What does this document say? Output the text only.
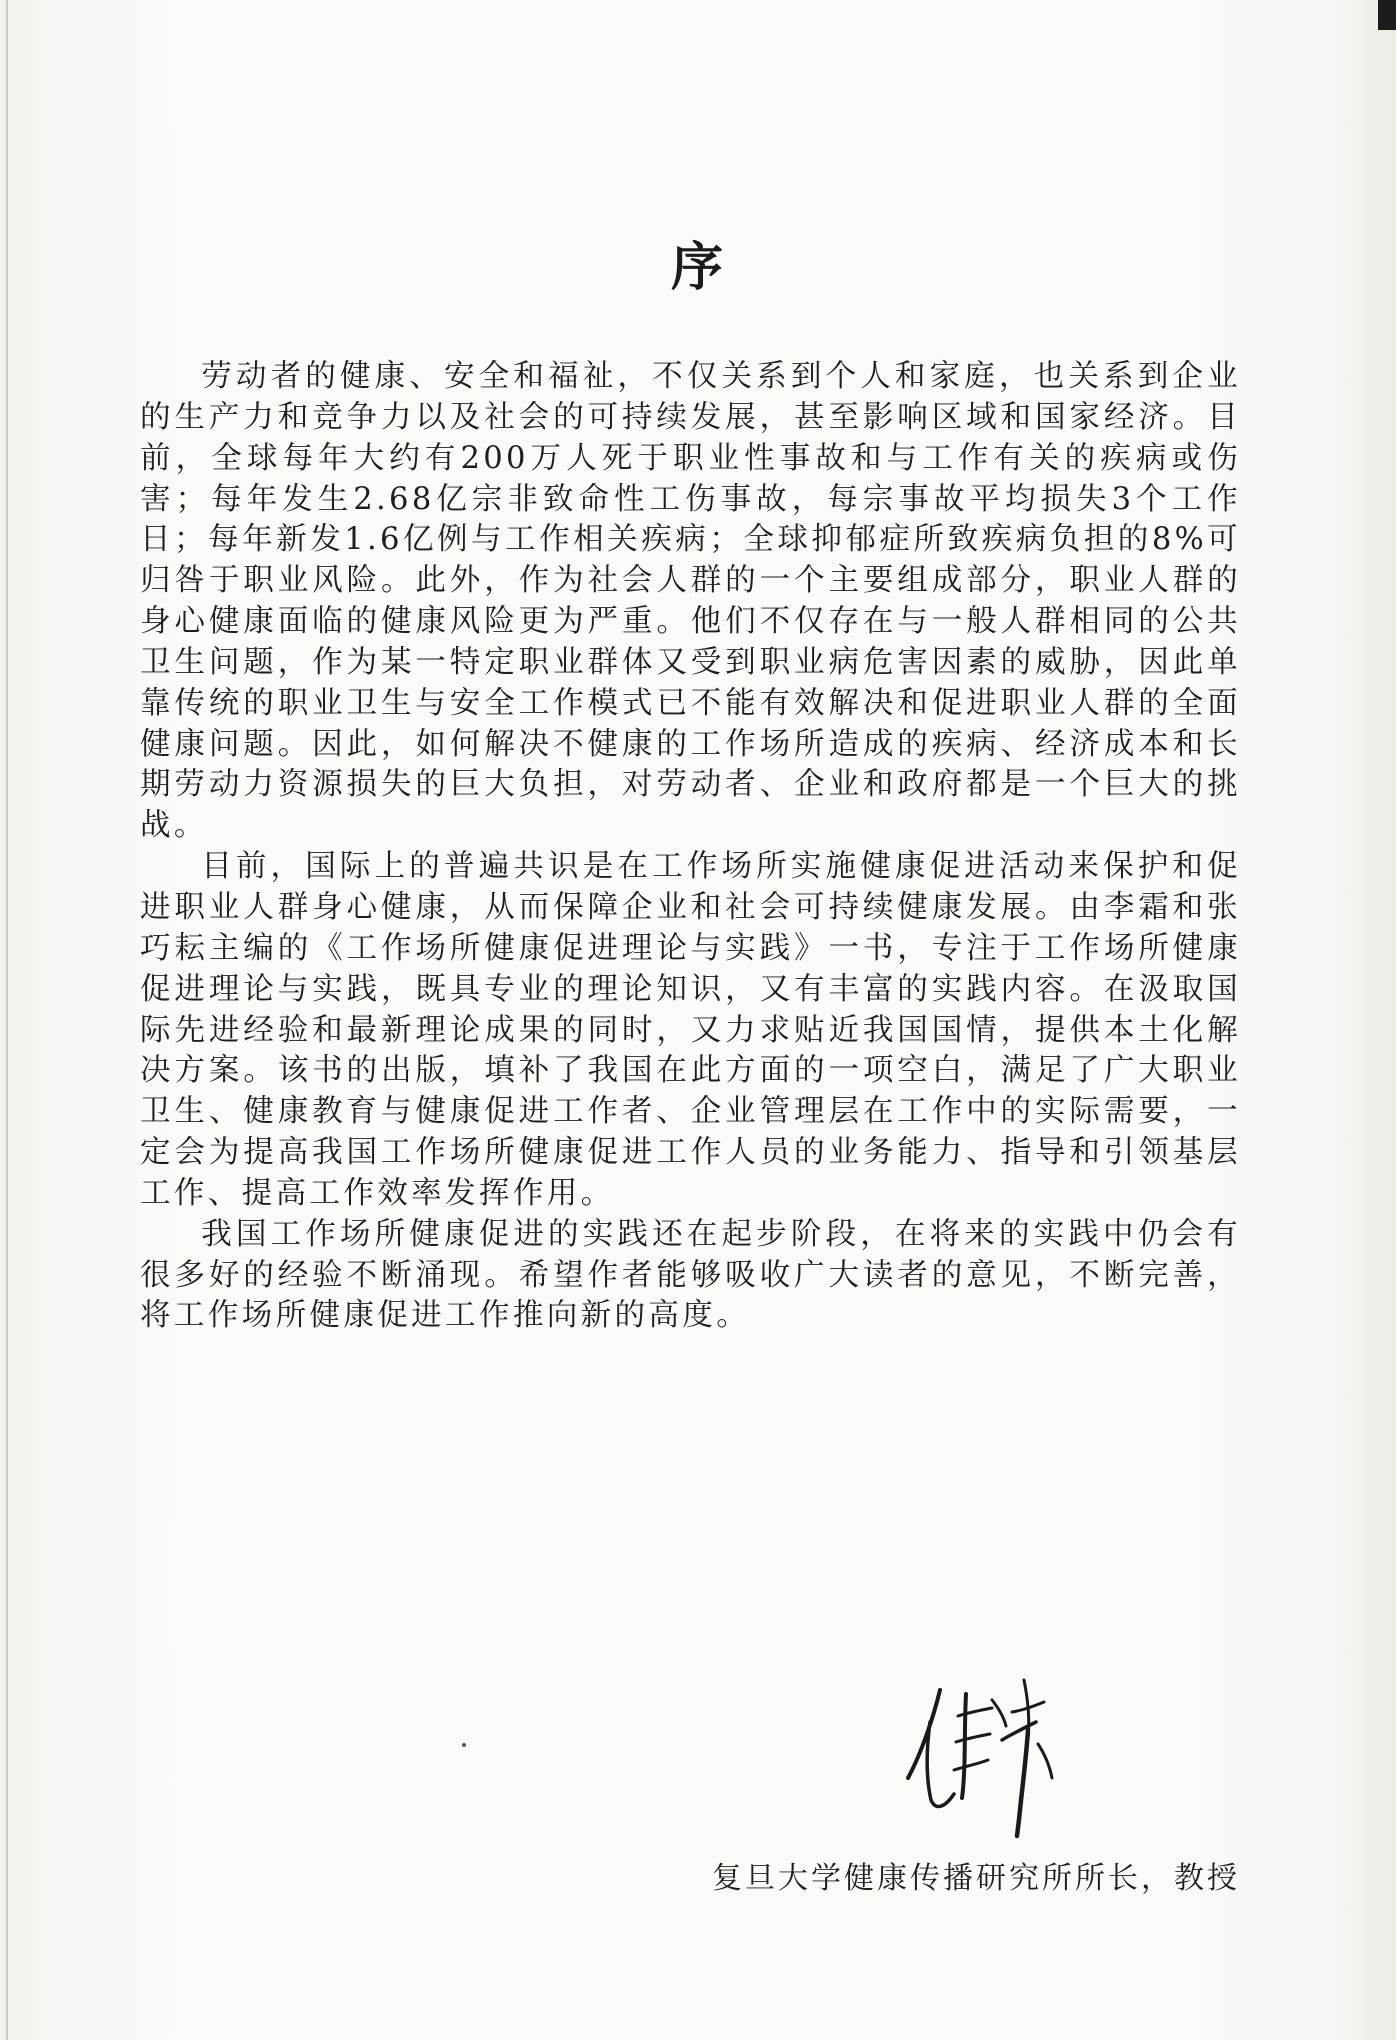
序

劳动者的健康、安全和福祉，不仅关系到个人和家庭，也关系到企业的生产力和竞争力以及社会的可持续发展，甚至影响区域和国家经济。目前，全球每年大约有200万人死于职业性事故和与工作有关的疾病或伤害；每年发生2.68亿宗非致命性工伤事故，每宗事故平均损失3个工作日；每年新发1.6亿例与工作相关疾病；全球抑郁症所致疾病负担的8%可归咎于职业风险。此外，作为社会人群的一个主要组成部分，职业人群的身心健康面临的健康风险更为严重。他们不仅存在与一般人群相同的公共卫生问题，作为某一特定职业群体又受到职业病危害因素的威胁，因此单靠传统的职业卫生与安全工作模式已不能有效解决和促进职业人群的全面健康问题。因此，如何解决不健康的工作场所造成的疾病、经济成本和长期劳动力资源损失的巨大负担，对劳动者、企业和政府都是一个巨大的挑战。

目前，国际上的普遍共识是在工作场所实施健康促进活动来保护和促进职业人群身心健康，从而保障企业和社会可持续健康发展。由李霜和张巧耘主编的《工作场所健康促进理论与实践》一书，专注于工作场所健康促进理论与实践，既具专业的理论知识，又有丰富的实践内容。在汲取国际先进经验和最新理论成果的同时，又力求贴近我国国情，提供本土化解决方案。该书的出版，填补了我国在此方面的一项空白，满足了广大职业卫生、健康教育与健康促进工作者、企业管理层在工作中的实际需要，一定会为提高我国工作场所健康促进工作人员的业务能力、指导和引领基层工作、提高工作效率发挥作用。

我国工作场所健康促进的实践还在起步阶段，在将来的实践中仍会有很多好的经验不断涌现。希望作者能够吸收广大读者的意见，不断完善，将工作场所健康促进工作推向新的高度。

复旦大学健康传播研究所所长，教授
